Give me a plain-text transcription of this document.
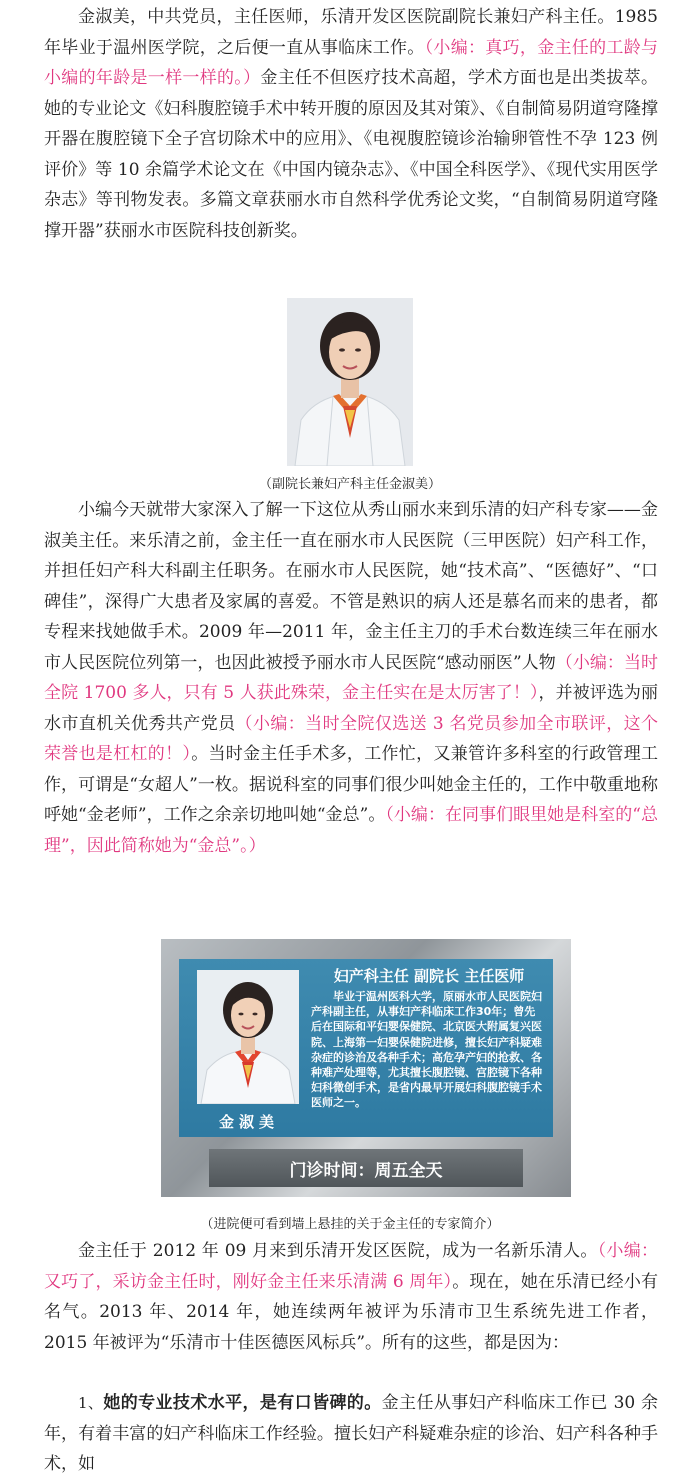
金淑美，中共党员，主任医师，乐清开发区医院副院长兼妇产科主任。1985 年毕业于温州医学院，之后便一直从事临床工作。（小编：真巧，金主任的工龄与小编的年龄是一样一样的。）金主任不但医疗技术高超，学术方面也是出类拔萃。她的专业论文《妇科腹腔镜手术中转开腹的原因及其对策》、《自制简易阴道穹隆撑开器在腹腔镜下全子宫切除术中的应用》、《电视腹腔镜诊治输卵管性不孕 123 例评价》等 10 余篇学术论文在《中国内镜杂志》、《中国全科医学》、《现代实用医学杂志》等刊物发表。多篇文章获丽水市自然科学优秀论文奖，“自制简易阴道穹隆撑开器”获丽水市医院科技创新奖。

（副院长兼妇产科主任金淑美）

小编今天就带大家深入了解一下这位从秀山丽水来到乐清的妇产科专家——金淑美主任。来乐清之前，金主任一直在丽水市人民医院（三甲医院）妇产科工作，并担任妇产科大科副主任职务。在丽水市人民医院，她“技术高”、“医德好”、“口碑佳”，深得广大患者及家属的喜爱。不管是熟识的病人还是慕名而来的患者，都专程来找她做手术。2009 年—2011 年，金主任主刀的手术台数连续三年在丽水市人民医院位列第一，也因此被授予丽水市人民医院“感动丽医”人物（小编：当时全院 1700 多人，只有 5 人获此殊荣，金主任实在是太厉害了！），并被评选为丽水市直机关优秀共产党员（小编：当时全院仅选送 3 名党员参加全市联评，这个荣誉也是杠杠的！）。当时金主任手术多，工作忙，又兼管许多科室的行政管理工作，可谓是“女超人”一枚。据说科室的同事们很少叫她金主任的，工作中敬重地称呼她“金老师”，工作之余亲切地叫她“金总”。（小编：在同事们眼里她是科室的“总理”，因此简称她为“金总”。）

金淑美
妇产科主任 副院长 主任医师

毕业于温州医科大学，原丽水市人民医院妇产科副主任，从事妇产科临床工作30年；曾先后在国际和平妇婴保健院、北京医大附属复兴医院、上海第一妇婴保健院进修，擅长妇产科疑难杂症的诊治及各种手术；高危孕产妇的抢救、各种难产处理等，尤其擅长腹腔镜、宫腔镜下各种妇科微创手术，是省内最早开展妇科腹腔镜手术医师之一。

门诊时间：周五全天
（进院便可看到墙上悬挂的关于金主任的专家简介）

金主任于 2012 年 09 月来到乐清开发区医院，成为一名新乐清人。（小编：又巧了，采访金主任时，刚好金主任来乐清满 6 周年）。现在，她在乐清已经小有名气。2013 年、2014 年，她连续两年被评为乐清市卫生系统先进工作者，2015 年被评为“乐清市十佳医德医风标兵”。所有的这些，都是因为：

1、她的专业技术水平，是有口皆碑的。金主任从事妇产科临床工作已 30 余年，有着丰富的妇产科临床工作经验。擅长妇产科疑难杂症的诊治、妇产科各种手术，如
